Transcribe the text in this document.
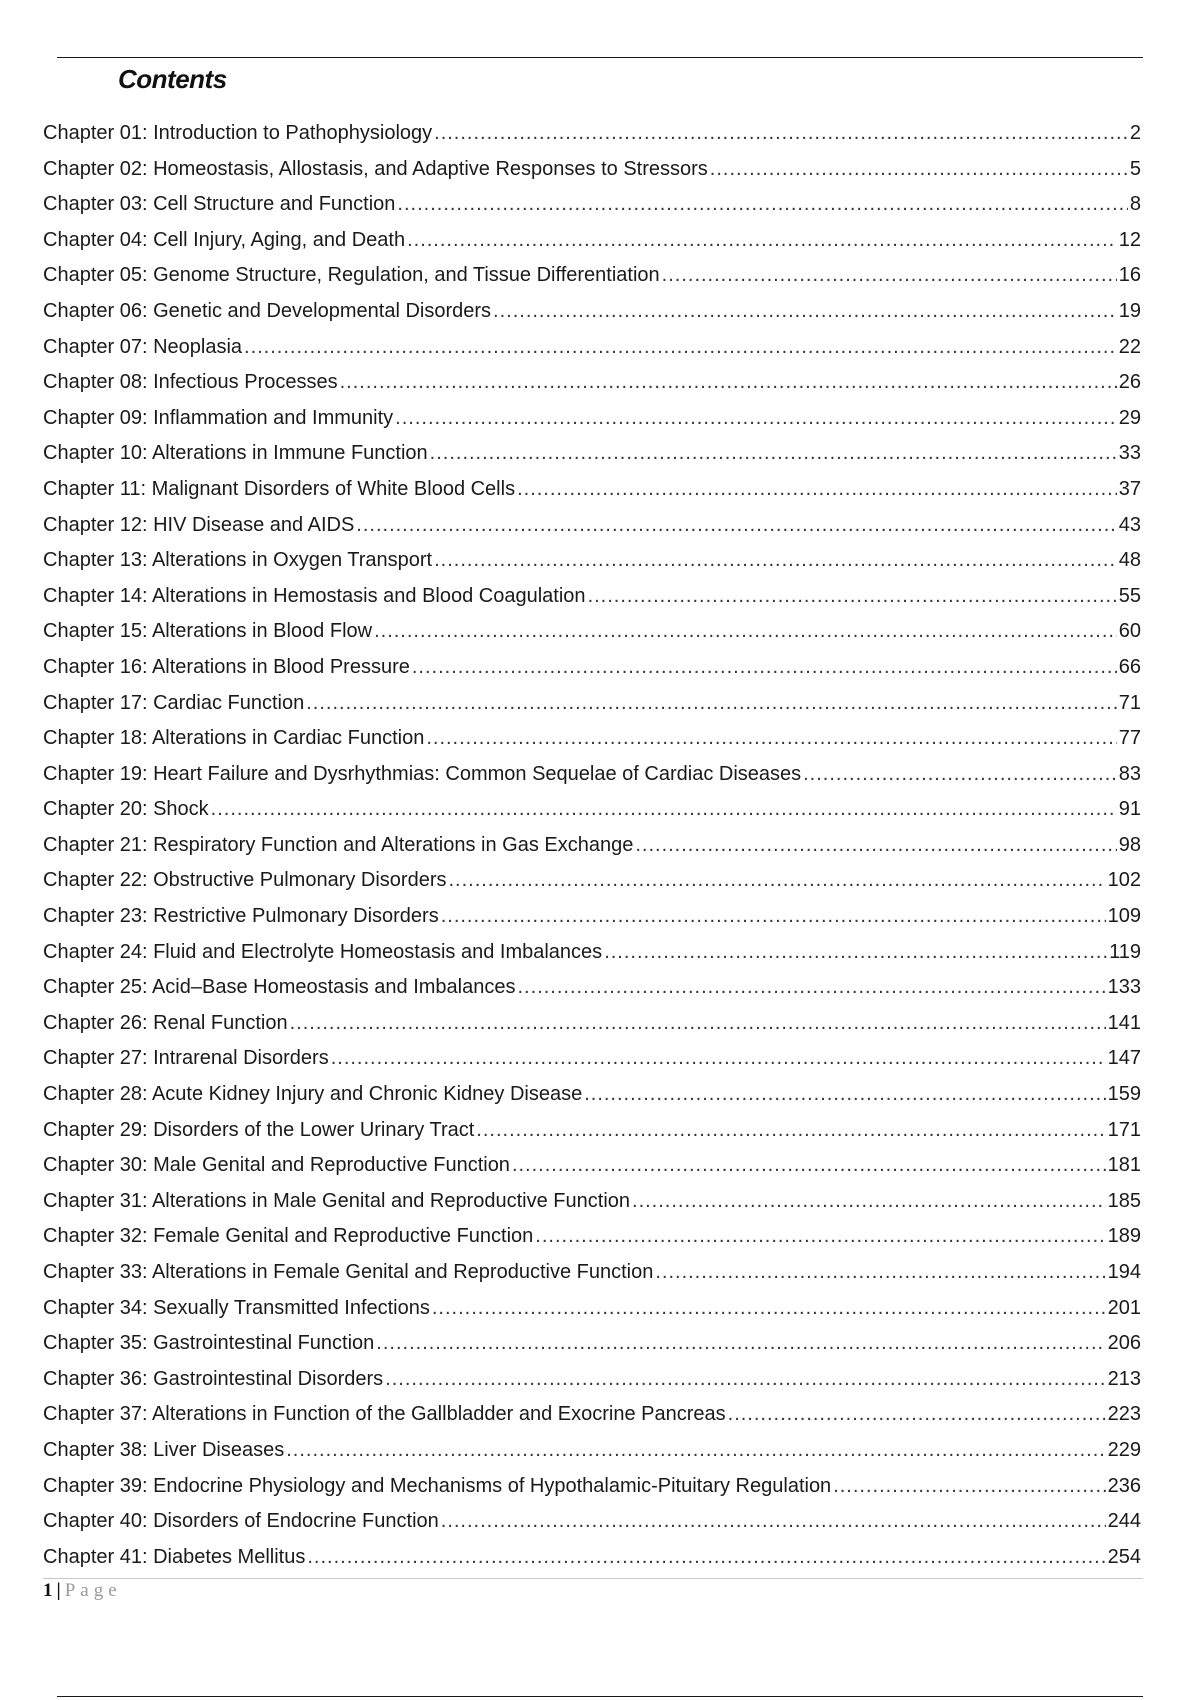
Contents
Chapter 01: Introduction to Pathophysiology .....	2
Chapter 02: Homeostasis, Allostasis, and Adaptive Responses to Stressors .....	5
Chapter 03: Cell Structure and Function .....	8
Chapter 04: Cell Injury, Aging, and Death .....	12
Chapter 05: Genome Structure, Regulation, and Tissue Differentiation .....	16
Chapter 06: Genetic and Developmental Disorders .....	19
Chapter 07: Neoplasia .....	22
Chapter 08: Infectious Processes .....	26
Chapter 09: Inflammation and Immunity .....	29
Chapter 10: Alterations in Immune Function .....	33
Chapter 11: Malignant Disorders of White Blood Cells .....	37
Chapter 12: HIV Disease and AIDS .....	43
Chapter 13: Alterations in Oxygen Transport .....	48
Chapter 14: Alterations in Hemostasis and Blood Coagulation .....	55
Chapter 15: Alterations in Blood Flow .....	60
Chapter 16: Alterations in Blood Pressure .....	66
Chapter 17: Cardiac Function .....	71
Chapter 18: Alterations in Cardiac Function .....	77
Chapter 19: Heart Failure and Dysrhythmias: Common Sequelae of Cardiac Diseases .....	83
Chapter 20: Shock .....	91
Chapter 21: Respiratory Function and Alterations in Gas Exchange .....	98
Chapter 22: Obstructive Pulmonary Disorders .....	102
Chapter 23: Restrictive Pulmonary Disorders .....	109
Chapter 24: Fluid and Electrolyte Homeostasis and Imbalances .....	119
Chapter 25: Acid–Base Homeostasis and Imbalances .....	133
Chapter 26: Renal Function .....	141
Chapter 27: Intrarenal Disorders .....	147
Chapter 28: Acute Kidney Injury and Chronic Kidney Disease .....	159
Chapter 29: Disorders of the Lower Urinary Tract .....	171
Chapter 30: Male Genital and Reproductive Function .....	181
Chapter 31: Alterations in Male Genital and Reproductive Function .....	185
Chapter 32: Female Genital and Reproductive Function .....	189
Chapter 33: Alterations in Female Genital and Reproductive Function .....	194
Chapter 34: Sexually Transmitted Infections .....	201
Chapter 35: Gastrointestinal Function .....	206
Chapter 36: Gastrointestinal Disorders .....	213
Chapter 37: Alterations in Function of the Gallbladder and Exocrine Pancreas .....	223
Chapter 38: Liver Diseases .....	229
Chapter 39: Endocrine Physiology and Mechanisms of Hypothalamic-Pituitary Regulation .....	236
Chapter 40: Disorders of Endocrine Function .....	244
Chapter 41: Diabetes Mellitus .....	254
1 | Page
